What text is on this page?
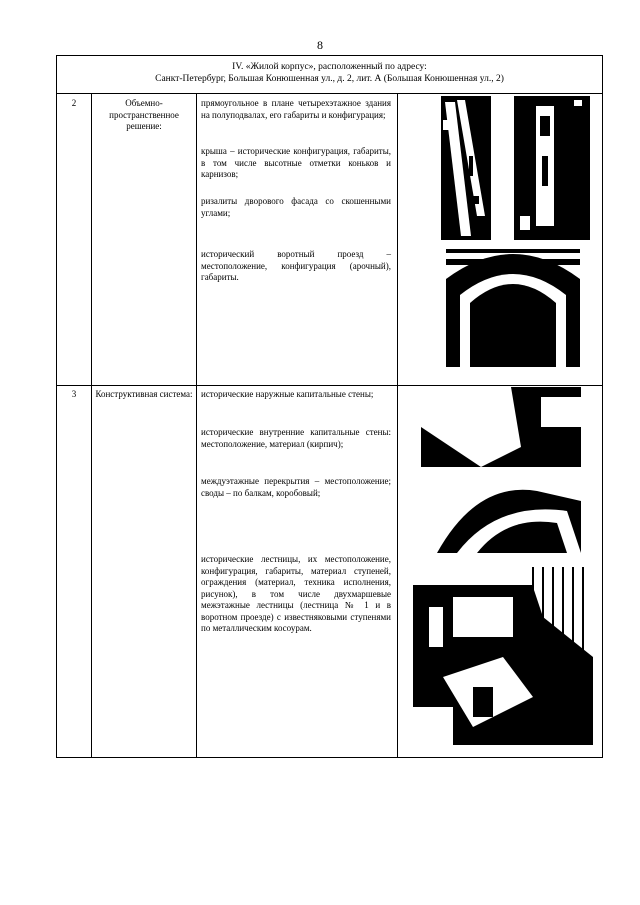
8
IV. «Жилой корпус», расположенный по адресу:
Санкт-Петербург, Большая Конюшенная ул., д. 2, лит. А (Большая Конюшенная ул., 2)
2	Объемно-пространственное решение:
прямоугольное в плане четырехэтажное здания на полуподвалах, его габариты и конфигурация;
крыша – исторические конфигурация, габариты, в том числе высотные отметки коньков и карнизов;
ризалиты дворового фасада со скошенными углами;
исторический воротный проезд – местоположение, конфигурация (арочный), габариты.
3	Конструктивная система: исторические наружные капитальные стены;
исторические внутренние капитальные стены: местоположение, материал (кирпич);
междуэтажные перекрытия – местоположение; своды – по балкам, коробовый;
исторические лестницы, их местоположение, конфигурация, габариты, материал ступеней, ограждения (материал, техника исполнения, рисунок), в том числе двухмаршевые межэтажные лестницы (лестница № 1 и в воротном проезде) с известняковыми ступенями по металлическим косоурам.
